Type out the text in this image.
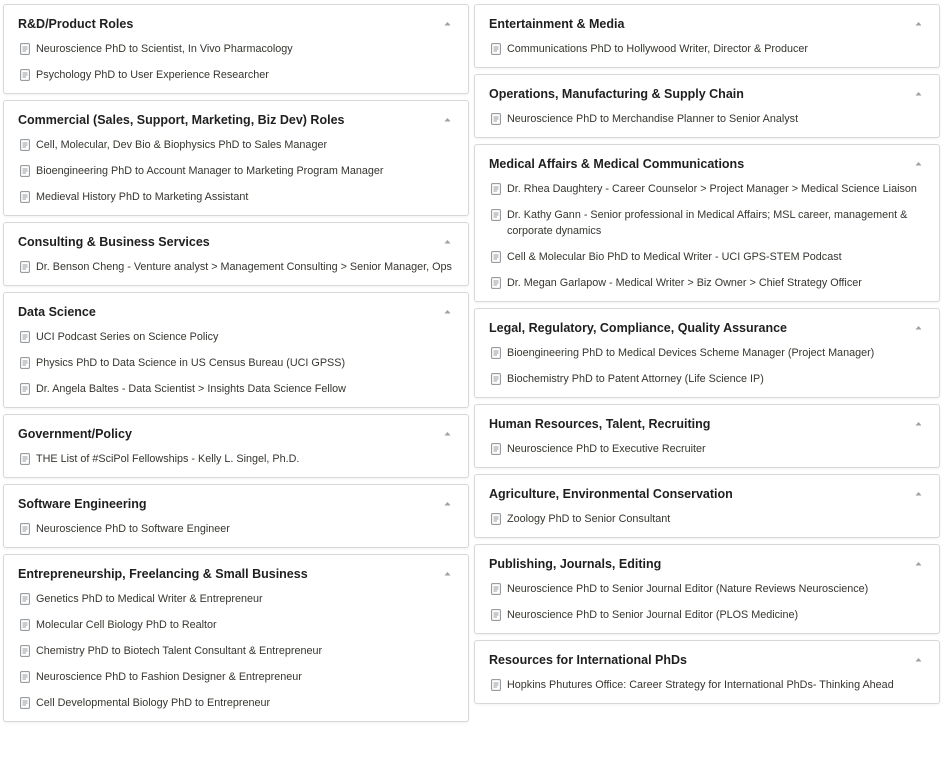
R&D/Product Roles
Neuroscience PhD to Scientist, In Vivo Pharmacology
Psychology PhD to User Experience Researcher
Commercial (Sales, Support, Marketing, Biz Dev) Roles
Cell, Molecular, Dev Bio & Biophysics PhD to Sales Manager
Bioengineering PhD to Account Manager to Marketing Program Manager
Medieval History PhD to Marketing Assistant
Consulting & Business Services
Dr. Benson Cheng - Venture analyst > Management Consulting > Senior Manager, Ops
Data Science
UCI Podcast Series on Science Policy
Physics PhD to Data Science in US Census Bureau (UCI GPSS)
Dr. Angela Baltes - Data Scientist > Insights Data Science Fellow
Government/Policy
THE List of #SciPol Fellowships - Kelly L. Singel, Ph.D.
Software Engineering
Neuroscience PhD to Software Engineer
Entrepreneurship, Freelancing & Small Business
Genetics PhD to Medical Writer & Entrepreneur
Molecular Cell Biology PhD to Realtor
Chemistry PhD to Biotech Talent Consultant & Entrepreneur
Neuroscience PhD to Fashion Designer & Entrepreneur
Cell Developmental Biology PhD to Entrepreneur
Entertainment & Media
Communications PhD to Hollywood Writer, Director & Producer
Operations, Manufacturing & Supply Chain
Neuroscience PhD to Merchandise Planner to Senior Analyst
Medical Affairs & Medical Communications
Dr. Rhea Daughtery - Career Counselor > Project Manager > Medical Science Liaison
Dr. Kathy Gann - Senior professional in Medical Affairs; MSL career, management & corporate dynamics
Cell & Molecular Bio PhD to Medical Writer - UCI GPS-STEM Podcast
Dr. Megan Garlapow - Medical Writer > Biz Owner > Chief Strategy Officer
Legal, Regulatory, Compliance, Quality Assurance
Bioengineering PhD to Medical Devices Scheme Manager (Project Manager)
Biochemistry PhD to Patent Attorney (Life Science IP)
Human Resources, Talent, Recruiting
Neuroscience PhD to Executive Recruiter
Agriculture, Environmental Conservation
Zoology PhD to Senior Consultant
Publishing, Journals, Editing
Neuroscience PhD to Senior Journal Editor (Nature Reviews Neuroscience)
Neuroscience PhD to Senior Journal Editor (PLOS Medicine)
Resources for International PhDs
Hopkins Phutures Office: Career Strategy for International PhDs- Thinking Ahead
